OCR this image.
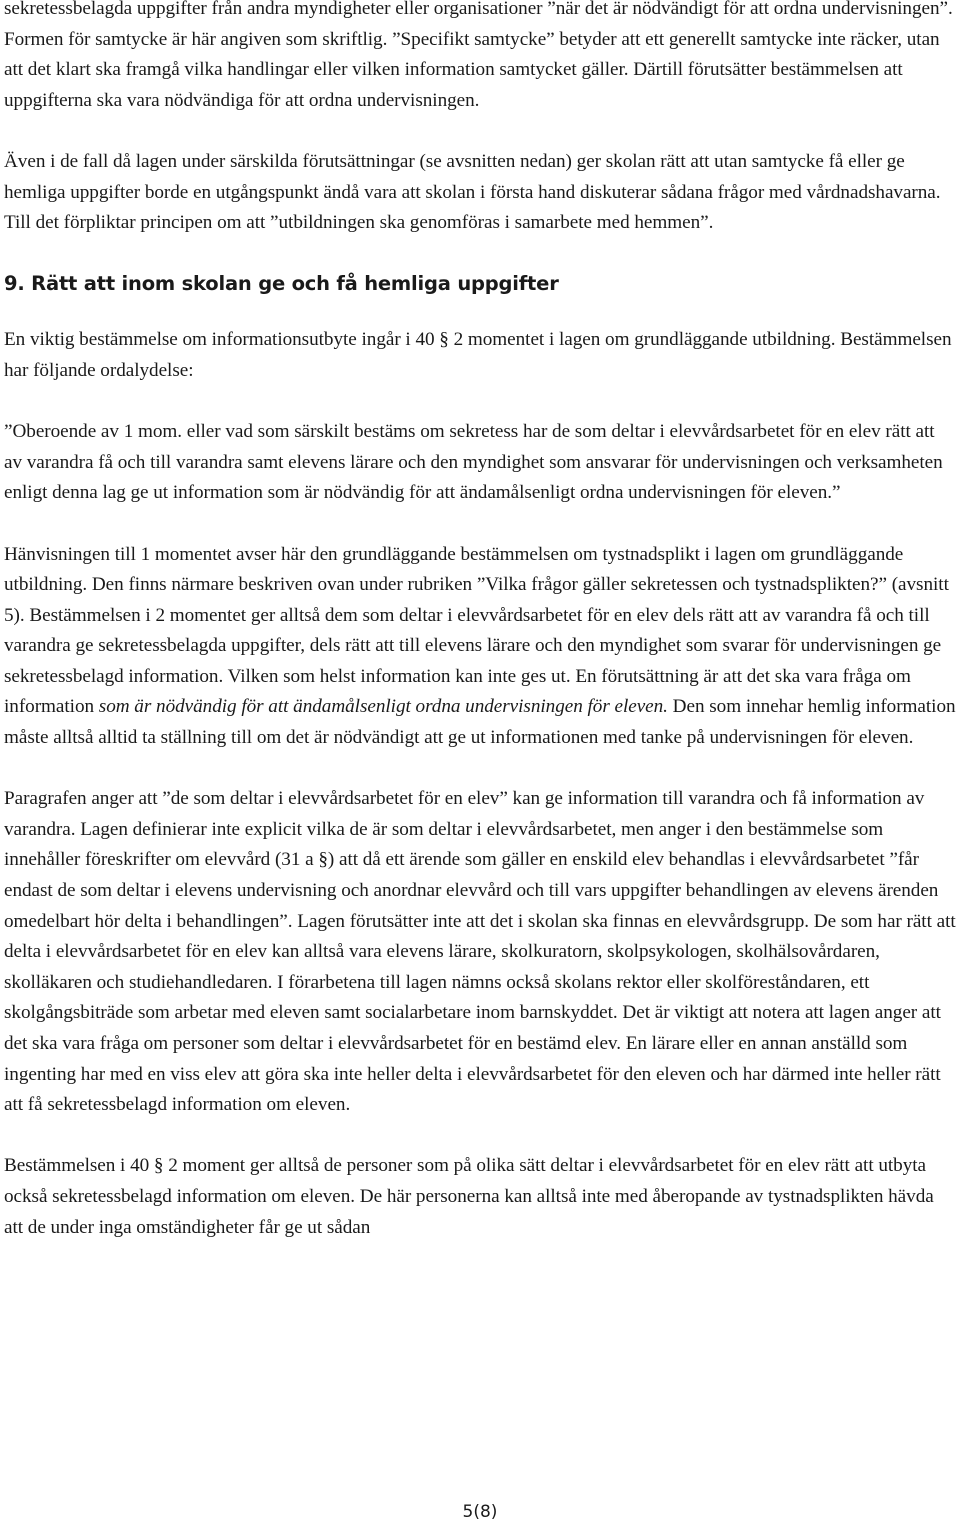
sekretessbelagda uppgifter från andra myndigheter eller organisationer ”när det är nödvändigt för att ordna undervisningen”. Formen för samtycke är här angiven som skriftlig. ”Specifikt samtycke” betyder att ett generellt samtycke inte räcker, utan att det klart ska framgå vilka handlingar eller vilken information samtycket gäller. Därtill förutsätter bestämmelsen att uppgifterna ska vara nödvändiga för att ordna undervisningen.

Även i de fall då lagen under särskilda förutsättningar (se avsnitten nedan) ger skolan rätt att utan samtycke få eller ge hemliga uppgifter borde en utgångspunkt ändå vara att skolan i första hand diskuterar sådana frågor med vårdnadshavarna. Till det förpliktar principen om att ”utbildningen ska genomföras i samarbete med hemmen”.

9. Rätt att inom skolan ge och få hemliga uppgifter

En viktig bestämmelse om informationsutbyte ingår i 40 § 2 momentet i lagen om grundläggande utbildning. Bestämmelsen har följande ordalydelse:

”Oberoende av 1 mom. eller vad som särskilt bestäms om sekretess har de som deltar i elevvårdsarbetet för en elev rätt att av varandra få och till varandra samt elevens lärare och den myndighet som ansvarar för undervisningen och verksamheten enligt denna lag ge ut information som är nödvändig för att ändamålsenligt ordna undervisningen för eleven.”

Hänvisningen till 1 momentet avser här den grundläggande bestämmelsen om tystnadsplikt i lagen om grundläggande utbildning. Den finns närmare beskriven ovan under rubriken ”Vilka frågor gäller sekretessen och tystnadsplikten?” (avsnitt 5). Bestämmelsen i 2 momentet ger alltså dem som deltar i elevvårdsarbetet för en elev dels rätt att av varandra få och till varandra ge sekretessbelagda uppgifter, dels rätt att till elevens lärare och den myndighet som svarar för undervisningen ge sekretessbelagd information. Vilken som helst information kan inte ges ut. En förutsättning är att det ska vara fråga om information som är nödvändig för att ändamålsenligt ordna undervisningen för eleven. Den som innehar hemlig information måste alltså alltid ta ställning till om det är nödvändigt att ge ut informationen med tanke på undervisningen för eleven.

Paragrafen anger att ”de som deltar i elevvårdsarbetet för en elev” kan ge information till varandra och få information av varandra. Lagen definierar inte explicit vilka de är som deltar i elevvårdsarbetet, men anger i den bestämmelse som innehåller föreskrifter om elevvård (31 a §) att då ett ärende som gäller en enskild elev behandlas i elevvårdsarbetet ”får endast de som deltar i elevens undervisning och anordnar elevvård och till vars uppgifter behandlingen av elevens ärenden omedelbart hör delta i behandlingen”. Lagen förutsätter inte att det i skolan ska finnas en elevvårdsgrupp. De som har rätt att delta i elevvårdsarbetet för en elev kan alltså vara elevens lärare, skolkuratorn, skolpsykologen, skolhälsovårdaren, skolläkaren och studiehandledaren. I förarbetena till lagen nämns också skolans rektor eller skolföreståndaren, ett skolgångsbiträde som arbetar med eleven samt socialarbetare inom barnskyddet. Det är viktigt att notera att lagen anger att det ska vara fråga om personer som deltar i elevvårdsarbetet för en bestämd elev. En lärare eller en annan anställd som ingenting har med en viss elev att göra ska inte heller delta i elevvårdsarbetet för den eleven och har därmed inte heller rätt att få sekretessbelagd information om eleven.

Bestämmelsen i 40 § 2 moment ger alltså de personer som på olika sätt deltar i elevvårdsarbetet för en elev rätt att utbyta också sekretessbelagd information om eleven. De här personerna kan alltså inte med åberopande av tystnadsplikten hävda att de under inga omständigheter får ge ut sådan

5(8)
